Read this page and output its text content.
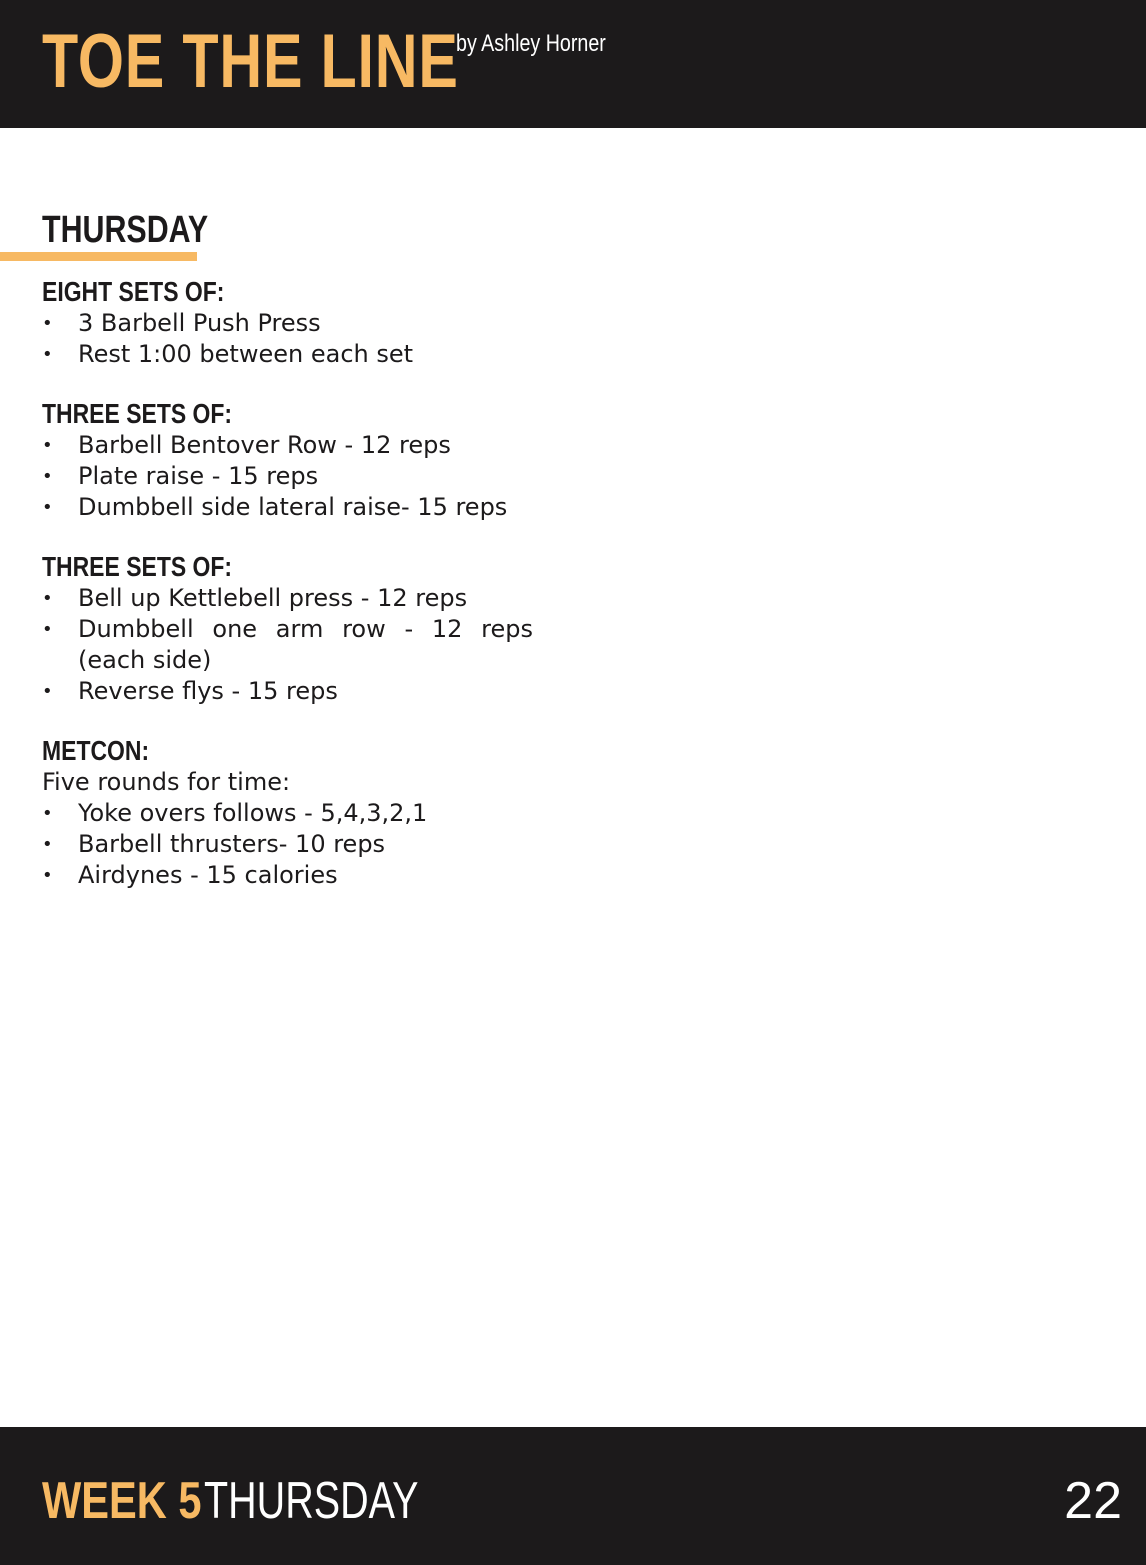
TOE THE LINE
by Ashley Horner
THURSDAY
EIGHT SETS OF:
• 3 Barbell Push Press
• Rest 1:00 between each set
THREE SETS OF:
• Barbell Bentover Row - 12 reps
• Plate raise - 15 reps
• Dumbbell side lateral raise- 15 reps
THREE SETS OF:
• Bell up Kettlebell press - 12 reps
• Dumbbell one arm row - 12 reps (each side)
• Reverse flys - 15 reps
METCON:
Five rounds for time:
• Yoke overs follows - 5,4,3,2,1
• Barbell thrusters- 10 reps
• Airdynes - 15 calories
WEEK 5 THURSDAY	22
